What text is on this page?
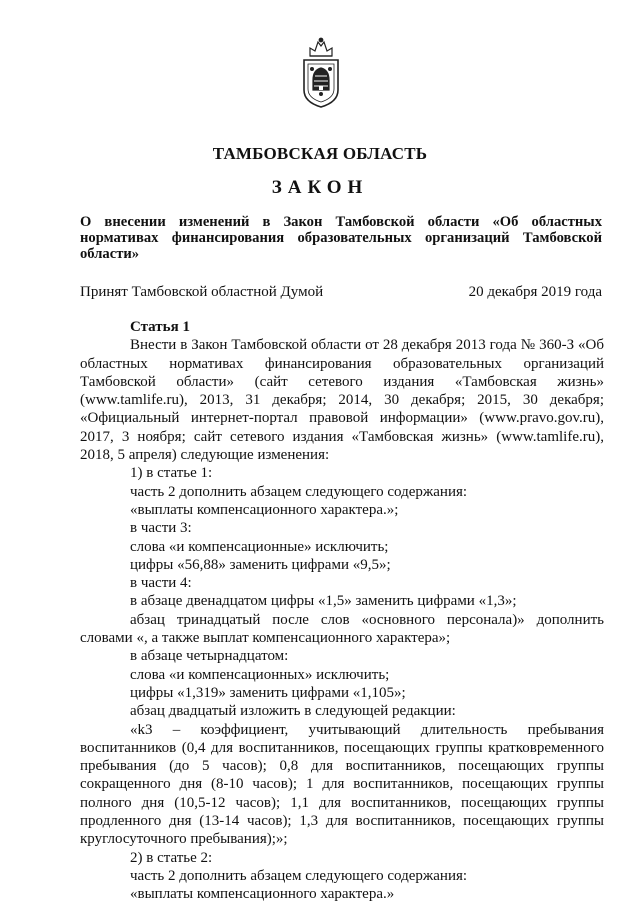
ТАМБОВСКАЯ ОБЛАСТЬ
ЗАКОН
О внесении изменений в Закон Тамбовской области «Об областных нормативах финансирования образовательных организаций Тамбовской области»
Принят Тамбовской областной Думой	20 декабря 2019 года

Статья 1

Внести в Закон Тамбовской области от 28 декабря 2013 года № 360-З «Об областных нормативах финансирования образовательных организаций Тамбовской области» (сайт сетевого издания «Тамбовская жизнь» (www.tamlife.ru), 2013, 31 декабря; 2014, 30 декабря; 2015, 30 декабря; «Официальный интернет-портал правовой информации» (www.pravo.gov.ru), 2017, 3 ноября; сайт сетевого издания «Тамбовская жизнь» (www.tamlife.ru), 2018, 5 апреля) следующие изменения:

1) в статье 1:

часть 2 дополнить абзацем следующего содержания:

«выплаты компенсационного характера.»;

в части 3:

слова «и компенсационные» исключить;

цифры «56,88» заменить цифрами «9,5»;

в части 4:

в абзаце двенадцатом цифры «1,5» заменить цифрами «1,3»;

абзац тринадцатый после слов «основного персонала)» дополнить словами «, а также выплат компенсационного характера»;

в абзаце четырнадцатом:

слова «и компенсационных» исключить;

цифры «1,319» заменить цифрами «1,105»;

абзац двадцатый изложить в следующей редакции:

«k3 – коэффициент, учитывающий длительность пребывания воспитанников (0,4 для воспитанников, посещающих группы кратковременного пребывания (до 5 часов); 0,8 для воспитанников, посещающих группы сокращенного дня (8-10 часов); 1 для воспитанников, посещающих группы полного дня (10,5-12 часов); 1,1 для воспитанников, посещающих группы продленного дня (13-14 часов); 1,3 для воспитанников, посещающих группы круглосуточного пребывания);»;

2) в статье 2:

часть 2 дополнить абзацем следующего содержания:

«выплаты компенсационного характера.»
